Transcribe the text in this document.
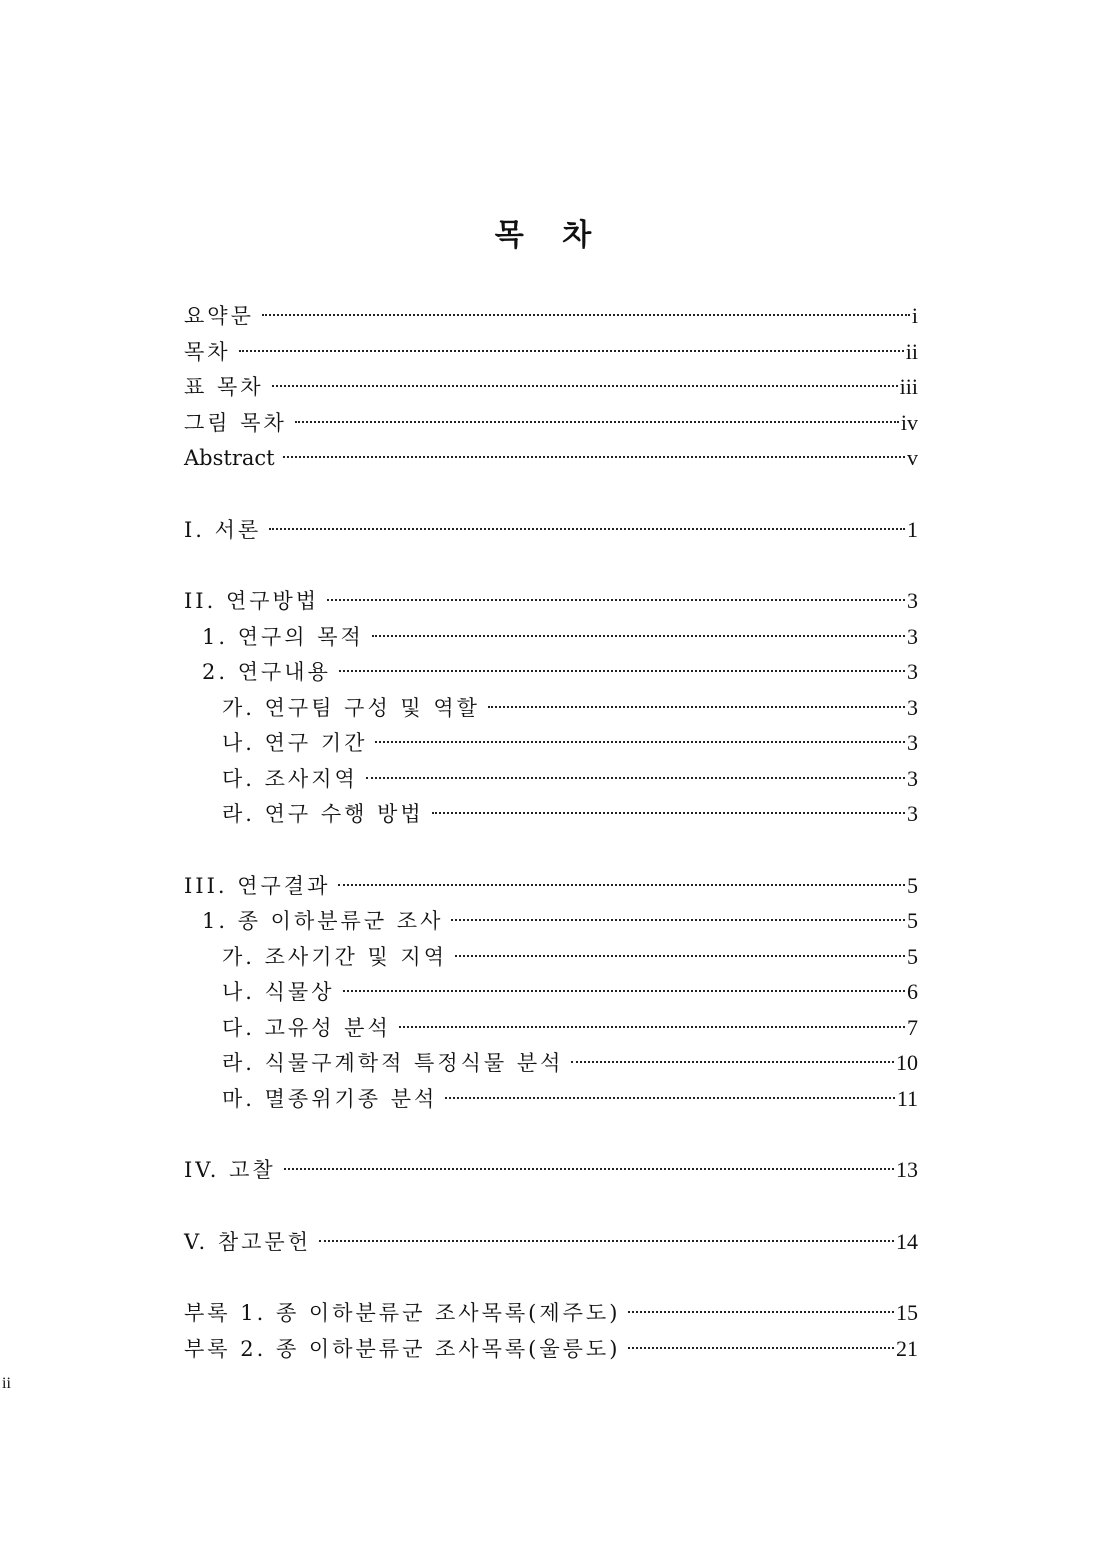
목 차
요약문	i
목차	ii
표 목차	iii
그림 목차	iv
Abstract	v
I. 서론	1
II. 연구방법	3
1. 연구의 목적	3
2. 연구내용	3
가. 연구팀 구성 및 역할	3
나. 연구 기간	3
다. 조사지역	3
라. 연구 수행 방법	3
III. 연구결과	5
1. 종 이하분류군 조사	5
가. 조사기간 및 지역	5
나. 식물상	6
다. 고유성 분석	7
라. 식물구계학적 특정식물 분석	10
마. 멸종위기종 분석	11
IV. 고찰	13
V. 참고문헌	14
부록 1. 종 이하분류군 조사목록(제주도)	15
부록 2. 종 이하분류군 조사목록(울릉도)	21
ii
